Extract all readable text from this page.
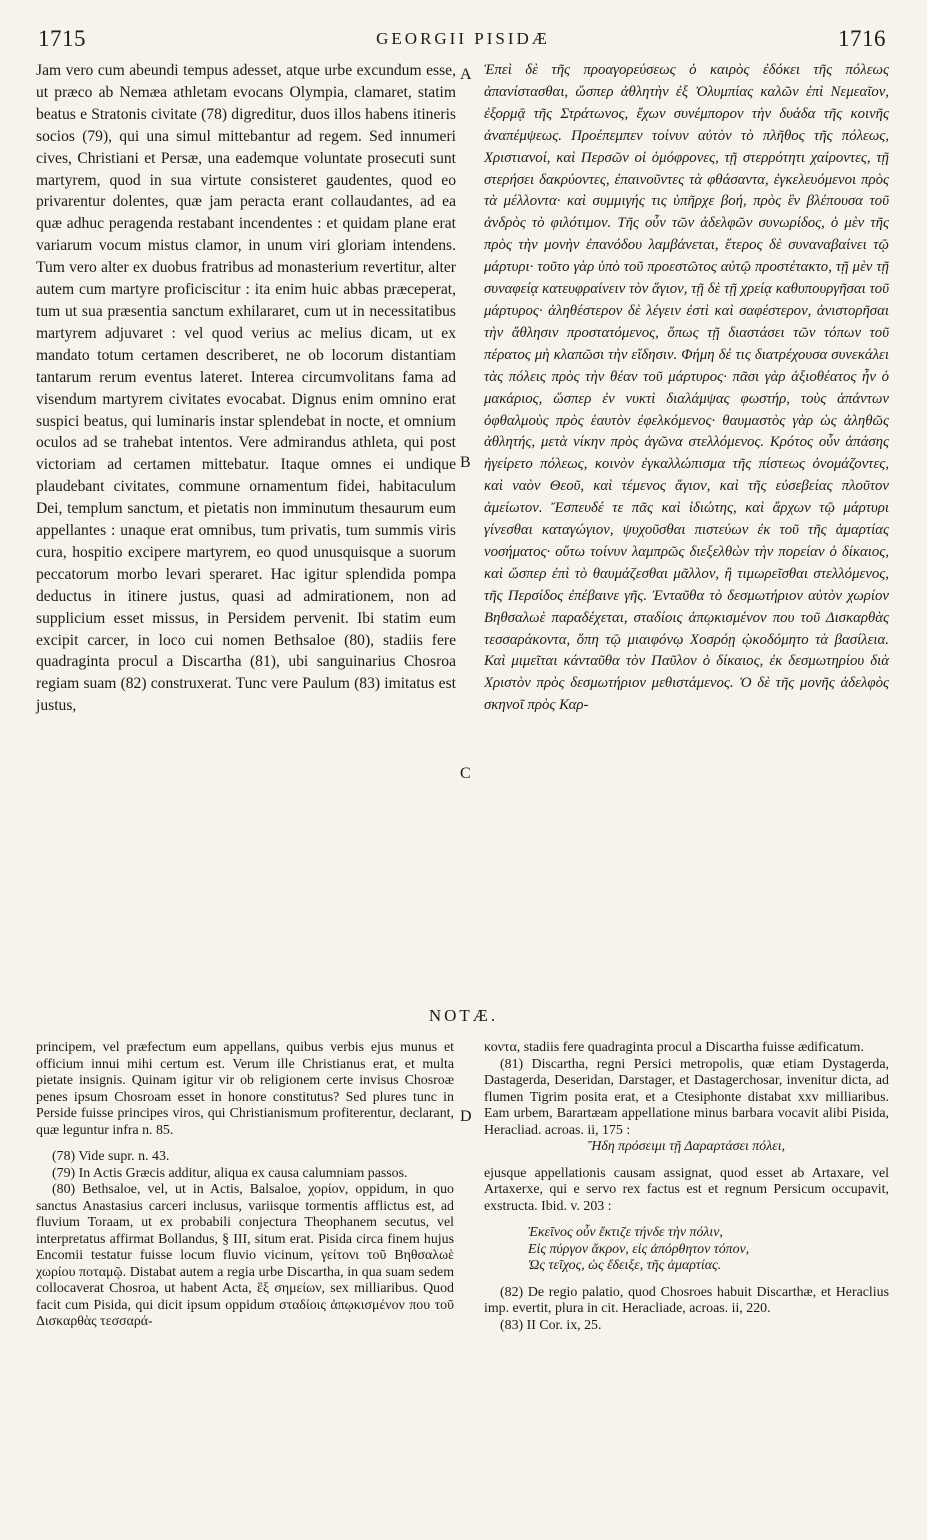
1715	GEORGII PISIDÆ	1716

Jam vero cum abeundi tempus adesset, atque urbe excundum esse, ut præco ab Nemæa athletam evocans Olympia, clamaret, statim beatus e Stratonis civitate (78) digreditur, duos illos habens itineris socios (79), qui una simul mittebantur ad regem. Sed innumeri cives, Christiani et Persæ, una eademque voluntate prosecuti sunt martyrem, quod in sua virtute consisteret gaudentes, quod eo privarentur dolentes, quæ jam peracta erant collaudantes, ad ea quæ adhuc peragenda restabant incendentes : et quidam plane erat variarum vocum mistus clamor, in unum viri gloriam intendens. Tum vero alter ex duobus fratribus ad monasterium revertitur, alter autem cum martyre proficiscitur : ita enim huic abbas præceperat, tum ut sua præsentia sanctum exhilararet, cum ut in necessitatibus martyrem adjuvaret : vel quod verius ac melius dicam, ut ex mandato totum certamen describeret, ne ob locorum distantiam tantarum rerum eventus lateret. Interea circumvolitans fama ad visendum martyrem civitates evocabat. Dignus enim omnino erat suspici beatus, qui luminaris instar splendebat in nocte, et omnium oculos ad se trahebat intentos. Vere admirandus athleta, qui post victoriam ad certamen mittebatur. Itaque omnes ei undique plaudebant civitates, commune ornamentum fidei, habitaculum Dei, templum sanctum, et pietatis non imminutum thesaurum eum appellantes : unaque erat omnibus, tum privatis, tum summis viris cura, hospitio excipere martyrem, eo quod unusquisque a suorum peccatorum morbo levari speraret. Hac igitur splendida pompa deductus in itinere justus, quasi ad admirationem, non ad supplicium esset missus, in Persidem pervenit. Ibi statim eum excipit carcer, in loco cui nomen Bethsaloe (80), stadiis fere quadraginta procul a Discartha (81), ubi sanguinarius Chosroa regiam suam (82) construxerat. Tunc vere Paulum (83) imitatus est justus,

Ἐπεὶ δὲ τῆς προαγορεύσεως ὁ καιρὸς ἐδόκει τῆς πόλεως ἀπανίστασθαι, ὥσπερ ἀθλητὴν ἐξ Ὀλυμπίας καλῶν ἐπὶ Νεμεαῖον, ἐξορμᾷ τῆς Στράτωνος, ἔχων συνέμπορον τὴν δυάδα τῆς κοινῆς ἀναπέμψεως. Προέπεμπεν τοίνυν αὐτὸν τὸ πλῆθος τῆς πόλεως, Χριστιανοί, καὶ Περσῶν οἱ ὁμόφρονες, τῇ στερρότητι χαίροντες, τῇ στερήσει δακρύοντες, ἐπαινοῦντες τὰ φθάσαντα, ἐγκελευόμενοι πρὸς τὰ μέλλοντα· καὶ συμμιγής τις ὑπῆρχε βοή, πρὸς ἓν βλέπουσα τοῦ ἀνδρὸς τὸ φιλότιμον. Τῆς οὖν τῶν ἀδελφῶν συνωρίδος, ὁ μὲν τῆς πρὸς τὴν μονὴν ἐπανόδου λαμβάνεται, ἕτερος δὲ συναναβαίνει τῷ μάρτυρι· τοῦτο γὰρ ὑπὸ τοῦ προεστῶτος αὐτῷ προστέτακτο, τῇ μὲν τῇ συναφείᾳ κατευφραίνειν τὸν ἅγιον, τῇ δὲ τῇ χρείᾳ καθυπουργῆσαι τοῦ μάρτυρος· ἀληθέστερον δὲ λέγειν ἐστὶ καὶ σαφέστερον, ἀνιστορῆσαι τὴν ἄθλησιν προστατόμενος, ὅπως τῇ διαστάσει τῶν τόπων τοῦ πέρατος μὴ κλαπῶσι τὴν εἴδησιν. Φήμη δέ τις διατρέχουσα συνεκάλει τὰς πόλεις πρὸς τὴν θέαν τοῦ μάρτυρος· πᾶσι γὰρ ἀξιοθέατος ἦν ὁ μακάριος, ὥσπερ ἐν νυκτὶ διαλάμψας φωστήρ, τοὺς ἁπάντων ὀφθαλμοὺς πρὸς ἑαυτὸν ἐφελκόμενος· θαυμαστὸς γὰρ ὡς ἀληθῶς ἀθλητής, μετὰ νίκην πρὸς ἀγῶνα στελλόμενος. Κρότος οὖν ἁπάσης ἠγείρετο πόλεως, κοινὸν ἐγκαλλώπισμα τῆς πίστεως ὀνομάζοντες, καὶ ναὸν Θεοῦ, καὶ τέμενος ἅγιον, καὶ τῆς εὐσεβείας πλοῦτον ἀμείωτον. Ἔσπευδέ τε πᾶς καὶ ἰδιώτης, καὶ ἄρχων τῷ μάρτυρι γίνεσθαι καταγώγιον, ψυχοῦσθαι πιστεύων ἐκ τοῦ τῆς ἁμαρτίας νοσήματος· οὕτω τοίνυν λαμπρῶς διεξελθὼν τὴν πορείαν ὁ δίκαιος, καὶ ὥσπερ ἐπὶ τὸ θαυμάζεσθαι μᾶλλον, ἢ τιμωρεῖσθαι στελλόμενος, τῆς Περσίδος ἐπέβαινε γῆς. Ἐνταῦθα τὸ δεσμωτήριον αὐτὸν χωρίον Βηθσαλωὲ παραδέχεται, σταδίοις ἀπῳκισμένον που τοῦ Δισκαρθὰς τεσσαράκοντα, ὅπη τῷ μιαιφόνῳ Χοσρόῃ ᾠκοδόμητο τὰ βασίλεια. Καὶ μιμεῖται κάνταῦθα τὸν Παῦλον ὁ δίκαιος, ἐκ δεσμωτηρίου διὰ Χριστὸν πρὸς δεσμωτήριον μεθιστάμενος. Ὁ δὲ τῆς μονῆς ἀδελφὸς σκηνοῖ πρὸς Καρ-

A
B
C
D
NOTÆ.

principem, vel præfectum eum appellans, quibus verbis ejus munus et officium innui mihi certum est. Verum ille Christianus erat, et multa pietate insignis. Quinam igitur vir ob religionem certe invisus Chosroæ penes ipsum Chosroam esset in honore constitutus? Sed plures tunc in Perside fuisse principes viros, qui Christianismum profiterentur, declarant, quæ leguntur infra n. 85.

(78) Vide supr. n. 43.

(79) In Actis Græcis additur, aliqua ex causa calumniam passos.

(80) Bethsaloe, vel, ut in Actis, Balsaloe, χορίον, oppidum, in quo sanctus Anastasius carceri inclusus, variisque tormentis afflictus est, ad fluvium Toraam, ut ex probabili conjectura Theophanem secutus, vel interpretatus affirmat Bollandus, § III, situm erat. Pisida circa finem hujus Encomii testatur fuisse locum fluvio vicinum, γείτονι τοῦ Βηθσαλωὲ χωρίου ποταμῷ. Distabat autem a regia urbe Discartha, in qua suam sedem collocaverat Chosroa, ut habent Acta, ἓξ σημείων, sex milliaribus. Quod facit cum Pisida, qui dicit ipsum oppidum σταδίοις ἀπῳκισμένον που τοῦ Δισκαρθὰς τεσσαρά-

κοντα, stadiis fere quadraginta procul a Discartha fuisse ædificatum.

(81) Discartha, regni Persici metropolis, quæ etiam Dystagerda, Dastagerda, Deseridan, Darstager, et Dastagerchosar, invenitur dicta, ad flumen Tigrim posita erat, et a Ctesiphonte distabat xxv milliaribus. Eam urbem, Barartæam appellatione minus barbara vocavit alibi Pisida, Heracliad. acroas. ii, 175 :

Ἥδη πρόσειμι τῇ Δαραρτάσει πόλει,

ejusque appellationis causam assignat, quod esset ab Artaxare, vel Artaxerxe, qui e servo rex factus est et regnum Persicum occupavit, exstructa. Ibid. v. 203 :

Ἐκεῖνος οὖν ἔκτιζε τήνδε τὴν πόλιν,

Εἰς πύργον ἄκρον, εἰς ἀπόρθητον τόπον,

Ὡς τεῖχος, ὡς ἔδειξε, τῆς ἁμαρτίας.

(82) De regio palatio, quod Chosroes habuit Discarthæ, et Heraclius imp. evertit, plura in cit. Heracliade, acroas. ii, 220.

(83) II Cor. ix, 25.
